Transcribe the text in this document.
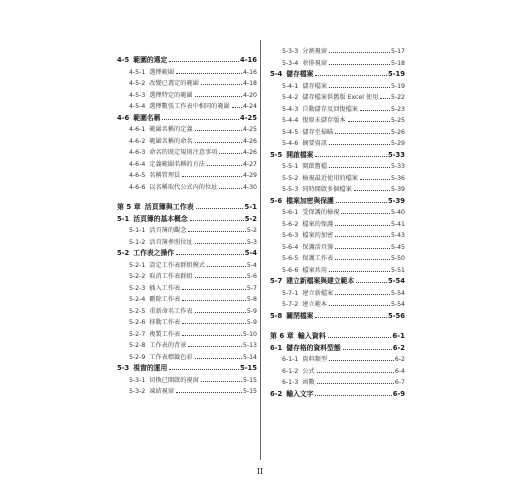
4-5 範圍的選定	4-16
4-5-1 選擇範圍	4-16
4-5-2 改變已選定的範圍	4-18
4-5-3 選擇特定的範圍	4-20
4-5-4 選擇數張工作表中相同的範圍 4-24
4-6 範圍名稱	4-25
4-6-1 範圍名稱的定義	4-25
4-6-2 範圍名稱的命名	4-26
4-6-3 命名的既定規則注意事項	4-26
4-6-4 定義範圍名稱的方法	4-27
4-6-5 名稱管理員	4-29
4-6-6 以名稱取代公式內的位址	4-30
第 5 章 活頁簿與工作表	5-1
5-1 活頁簿的基本概念	5-2
5-1-1 活頁簿的觀念	5-2
5-1-2 活頁簿參照位址	5-3
5-2 工作表之操作	5-4
5-2-1 設定工作表群組模式	5-4
5-2-2 取消工作表群組	5-6
5-2-3 插入工作表	5-7
5-2-4 刪除工作表	5-8
5-2-5 重新命名工作表	5-9
5-2-6 移動工作表	5-9
5-2-7 複製工作表	5-10
5-2-8 工作表的背景	5-13
5-2-9 工作表標籤色彩	5-14
5-3 視窗的運用	5-15
5-3-1 切換已開啟的視窗	5-15
5-3-2 凍結視窗	5-15
5-3-3 分割視窗	5-17
5-3-4 並排視窗	5-18
5-4 儲存檔案	5-19
5-4-1 儲存檔案	5-19
5-4-2 儲存檔案供舊版 Excel 使用 5-22
5-4-3 自動儲存及回復檔案	5-23
5-4-4 復原未儲存版本	5-25
5-4-5 儲存至掃瞄	5-26
5-4-6 摘要資訊	5-29
5-5 開啟檔案	5-33
5-5-1 開啟舊檔	5-33
5-5-2 檢視最近使用的檔案	5-36
5-5-3 同時開啟多個檔案	5-39
5-6 檔案加密與保護	5-39
5-6-1 受保護的檢視	5-40
5-6-2 檔案的保護	5-41
5-6-3 檔案的加密	5-43
5-6-4 保護活頁簿	5-45
5-6-5 保護工作表	5-50
5-6-6 檔案共用	5-51
5-7 建立新檔案與建立範本	5-54
5-7-1 建立新檔案	5-54
5-7-2 建立範本	5-54
5-8 關閉檔案	5-56
第 6 章 輸入資料	6-1
6-1 儲存格的資料型態	6-2
6-1-1 資料類型	6-2
6-1-2 公式	6-4
6-1-3 函數	6-7
6-2 輸入文字	6-9
II
